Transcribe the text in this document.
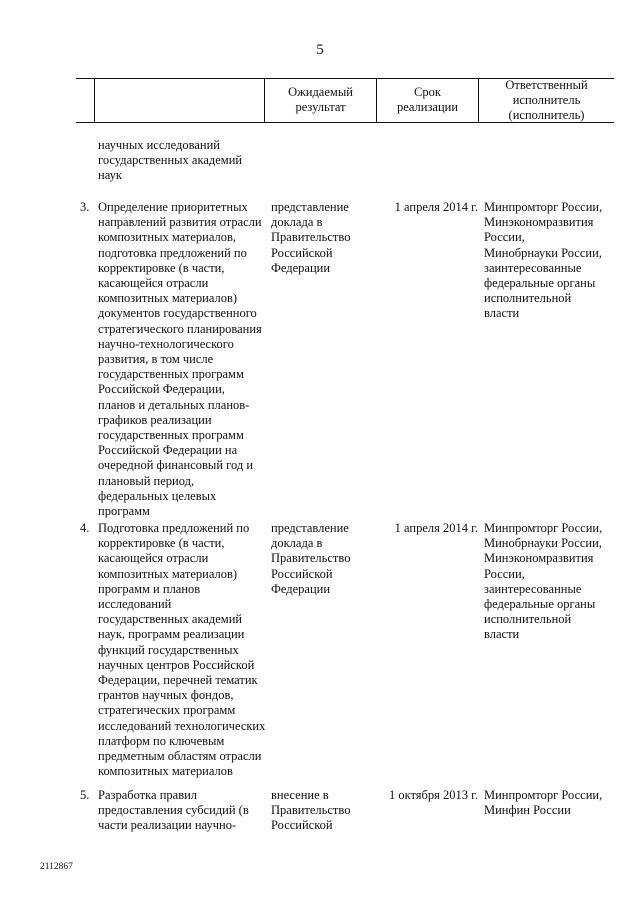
5
Ожидаемый
результат
Срок
реализации
Ответственный
исполнитель
(исполнитель)
научных исследований
государственных академий
наук
3. Определение приоритетных
направлений развития отрасли
композитных материалов,
подготовка предложений по
корректировке (в части,
касающейся отрасли
композитных материалов)
документов государственного
стратегического планирования
научно-технологического
развития, в том числе
государственных программ
Российской Федерации,
планов и детальных планов-
графиков реализации
государственных программ
Российской Федерации на
очередной финансовый год и
плановый период,
федеральных целевых
программ
представление
доклада в
Правительство
Российской
Федерации
1 апреля 2014 г. Минпромторг России,
Минэкономразвития
России,
Минобрнауки России,
заинтересованные
федеральные органы
исполнительной
власти
4. Подготовка предложений по
корректировке (в части,
касающейся отрасли
композитных материалов)
программ и планов
исследований
государственных академий
наук, программ реализации
функций государственных
научных центров Российской
Федерации, перечней тематик
грантов научных фондов,
стратегических программ
исследований технологических
платформ по ключевым
предметным областям отрасли
композитных материалов
представление
доклада в
Правительство
Российской
Федерации
1 апреля 2014 г. Минпромторг России,
Минобрнауки России,
Минэкономразвития
России,
заинтересованные
федеральные органы
исполнительной
власти
5. Разработка правил
предоставления субсидий (в
части реализации научно-
внесение в
Правительство
Российской
1 октября 2013 г. Минпромторг России,
Минфин России
2112867
